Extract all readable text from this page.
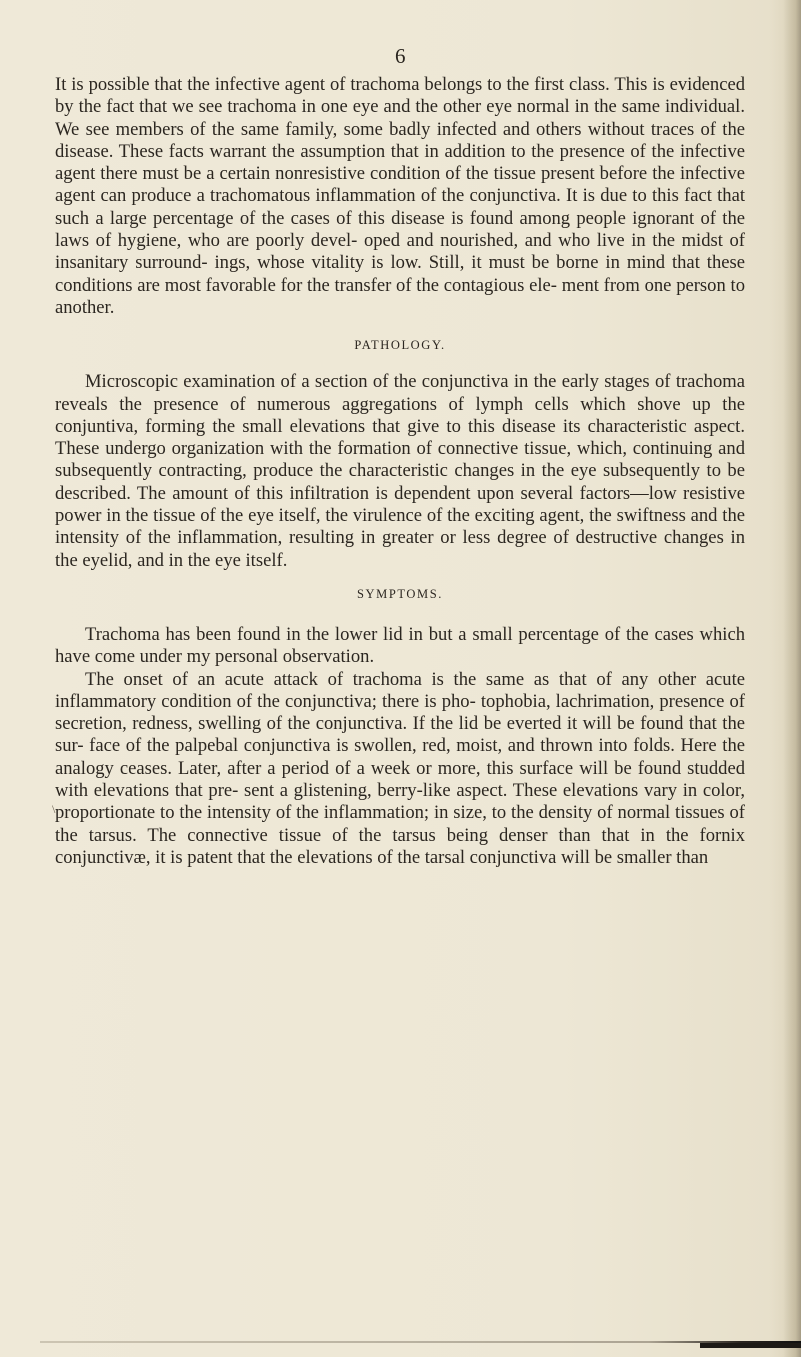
6

It is possible that the infective agent of trachoma belongs to the first class. This is evidenced by the fact that we see trachoma in one eye and the other eye normal in the same individual. We see members of the same family, some badly infected and others without traces of the disease. These facts warrant the assumption that in addition to the presence of the infective agent there must be a certain nonresistive condition of the tissue present before the infective agent can produce a trachomatous inflammation of the conjunctiva. It is due to this fact that such a large percentage of the cases of this disease is found among people ignorant of the laws of hygiene, who are poorly devel- oped and nourished, and who live in the midst of insanitary surround- ings, whose vitality is low. Still, it must be borne in mind that these conditions are most favorable for the transfer of the contagious ele- ment from one person to another.

PATHOLOGY.

Microscopic examination of a section of the conjunctiva in the early stages of trachoma reveals the presence of numerous aggregations of lymph cells which shove up the conjuntiva, forming the small elevations that give to this disease its characteristic aspect. These undergo organization with the formation of connective tissue, which, continuing and subsequently contracting, produce the characteristic changes in the eye subsequently to be described. The amount of this infiltration is dependent upon several factors—low resistive power in the tissue of the eye itself, the virulence of the exciting agent, the swiftness and the intensity of the inflammation, resulting in greater or less degree of destructive changes in the eyelid, and in the eye itself.

SYMPTOMS.

Trachoma has been found in the lower lid in but a small percentage of the cases which have come under my personal observation.

The onset of an acute attack of trachoma is the same as that of any other acute inflammatory condition of the conjunctiva; there is pho- tophobia, lachrimation, presence of secretion, redness, swelling of the conjunctiva. If the lid be everted it will be found that the sur- face of the palpebal conjunctiva is swollen, red, moist, and thrown into folds. Here the analogy ceases. Later, after a period of a week or more, this surface will be found studded with elevations that pre- sent a glistening, berry-like aspect. These elevations vary in color, proportionate to the intensity of the inflammation; in size, to the density of normal tissues of the tarsus. The connective tissue of the tarsus being denser than that in the fornix conjunctivæ, it is patent that the elevations of the tarsal conjunctiva will be smaller than

\
